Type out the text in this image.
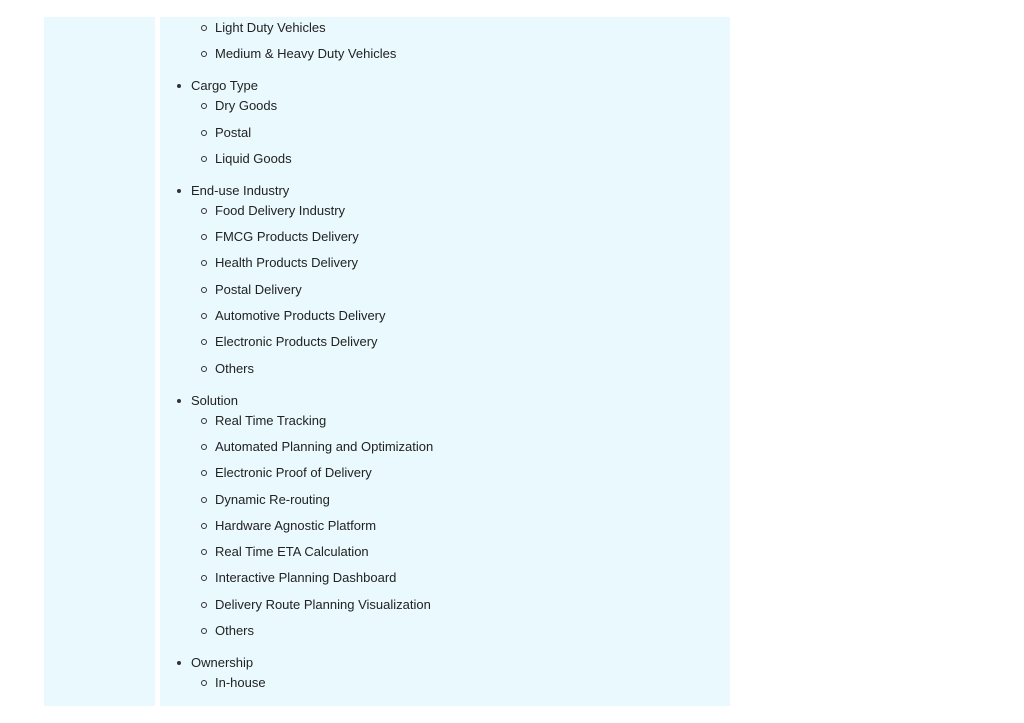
Light Duty Vehicles
Medium & Heavy Duty Vehicles
Cargo Type
Dry Goods
Postal
Liquid Goods
End-use Industry
Food Delivery Industry
FMCG Products Delivery
Health Products Delivery
Postal Delivery
Automotive Products Delivery
Electronic Products Delivery
Others
Solution
Real Time Tracking
Automated Planning and Optimization
Electronic Proof of Delivery
Dynamic Re-routing
Hardware Agnostic Platform
Real Time ETA Calculation
Interactive Planning Dashboard
Delivery Route Planning Visualization
Others
Ownership
In-house
